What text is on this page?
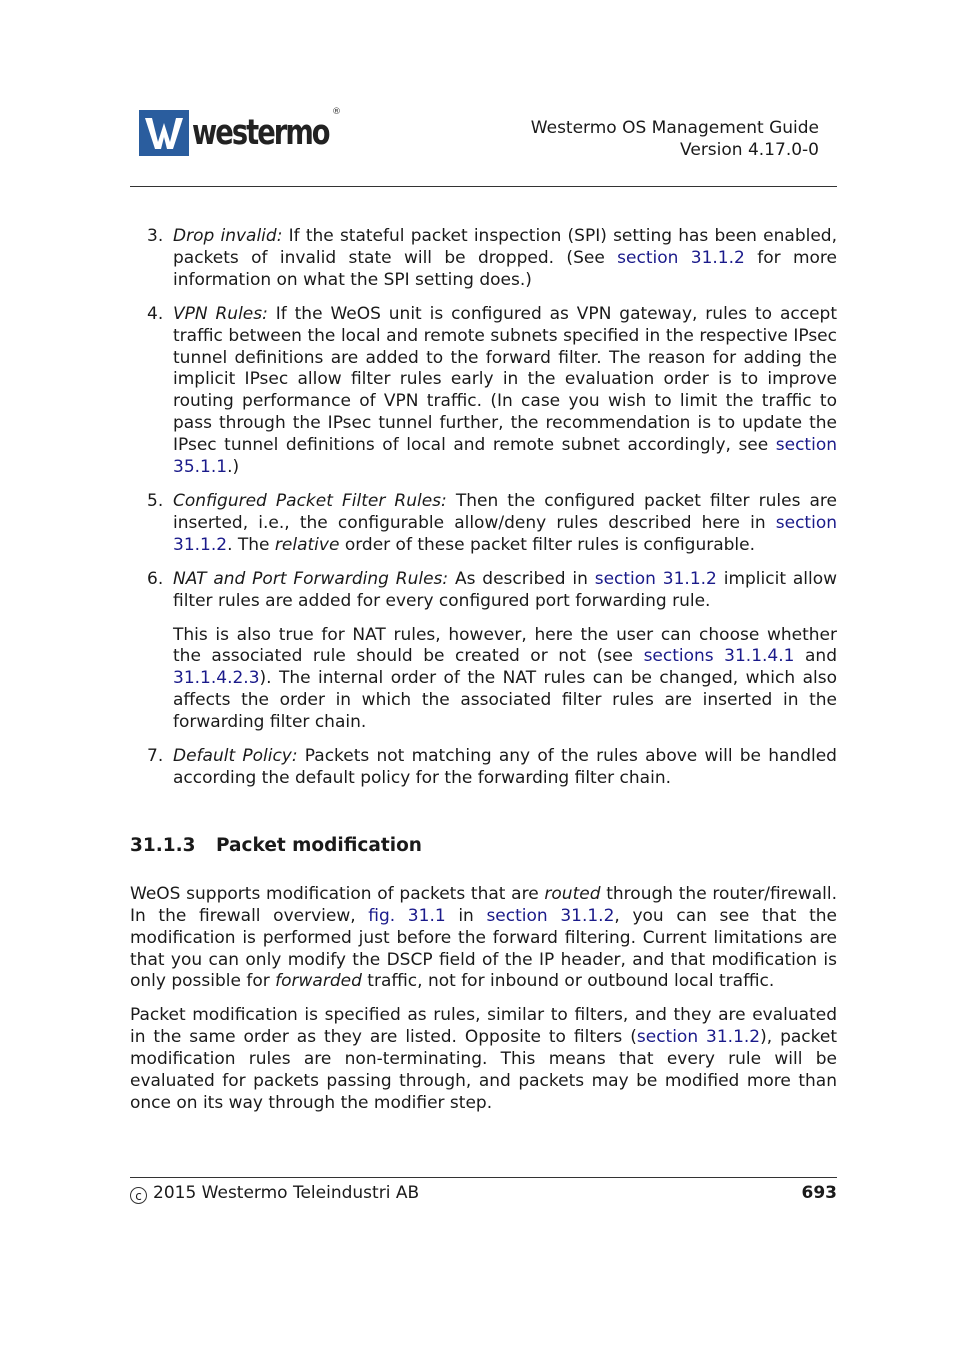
westermo
®
Westermo OS Management Guide
Version 4.17.0-0
3. Drop invalid: If the stateful packet inspection (SPI) setting has been enabled, packets of invalid state will be dropped. (See section 31.1.2 for more information on what the SPI setting does.)

4. VPN Rules: If the WeOS unit is configured as VPN gateway, rules to accept traffic between the local and remote subnets specified in the respective IPsec tunnel definitions are added to the forward filter. The reason for adding the implicit IPsec allow filter rules early in the evaluation order is to improve routing performance of VPN traffic. (In case you wish to limit the traffic to pass through the IPsec tunnel further, the recommendation is to update the IPsec tunnel definitions of local and remote subnet accordingly, see section 35.1.1.)

5. Configured Packet Filter Rules: Then the configured packet filter rules are inserted, i.e., the configurable allow/deny rules described here in section 31.1.2. The relative order of these packet filter rules is configurable.

6. NAT and Port Forwarding Rules: As described in section 31.1.2 implicit allow filter rules are added for every configured port forwarding rule.

This is also true for NAT rules, however, here the user can choose whether the associated rule should be created or not (see sections 31.1.4.1 and 31.1.4.2.3). The internal order of the NAT rules can be changed, which also affects the order in which the associated filter rules are inserted in the forwarding filter chain.

7. Default Policy: Packets not matching any of the rules above will be handled according the default policy for the forwarding filter chain.

31.1.3 Packet modification

WeOS supports modification of packets that are routed through the router/firewall. In the firewall overview, fig. 31.1 in section 31.1.2, you can see that the modification is performed just before the forward filtering. Current limitations are that you can only modify the DSCP field of the IP header, and that modification is only possible for forwarded traffic, not for inbound or outbound local traffic.

Packet modification is specified as rules, similar to filters, and they are evaluated in the same order as they are listed. Opposite to filters (section 31.1.2), packet modification rules are non-terminating. This means that every rule will be evaluated for packets passing through, and packets may be modified more than once on its way through the modifier step.

c 2015 Westermo Teleindustri AB	693
